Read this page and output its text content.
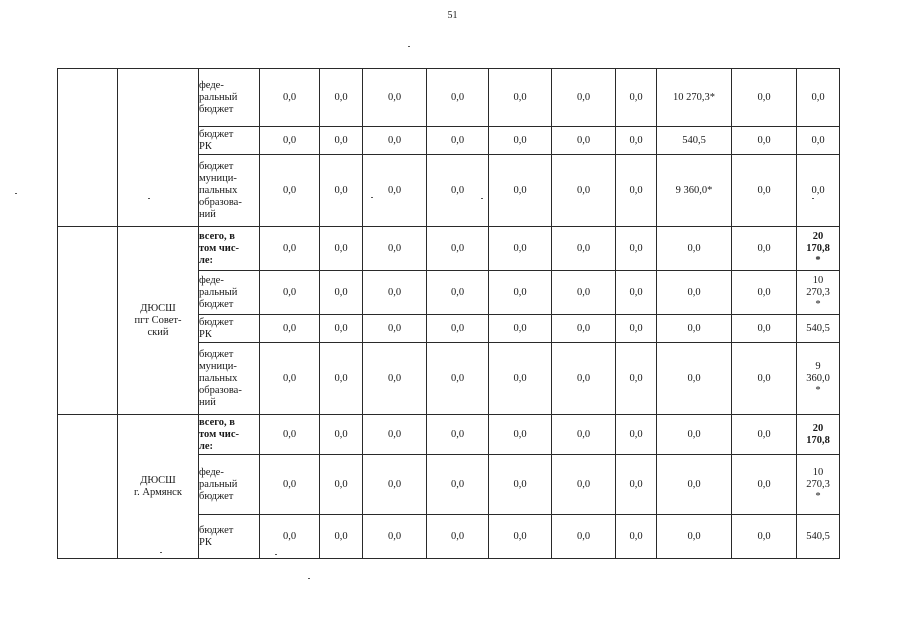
51
		феде-
ральный
бюджет	0,0	0,0	0,0	0,0	0,0	0,0	0,0	10 270,3*	0,0	0,0
		бюджет
РК	0,0	0,0	0,0	0,0	0,0	0,0	0,0	540,5	0,0	0,0
		бюджет
муници-
пальных
образова-
ний	0,0	0,0	0,0	0,0	0,0	0,0	0,0	9 360,0*	0,0	0,0
	ДЮСШ
пгт Совет-
ский	всего, в
том чис-
ле:	0,0	0,0	0,0	0,0	0,0	0,0	0,0	0,0	0,0	20
170,8
*
		феде-
ральный
бюджет	0,0	0,0	0,0	0,0	0,0	0,0	0,0	0,0	0,0	10
270,3
*
		бюджет
РК	0,0	0,0	0,0	0,0	0,0	0,0	0,0	0,0	0,0	540,5
		бюджет
муници-
пальных
образова-
ний	0,0	0,0	0,0	0,0	0,0	0,0	0,0	0,0	0,0	9
360,0
*
	ДЮСШ
г. Армянск	всего, в
том чис-
ле:	0,0	0,0	0,0	0,0	0,0	0,0	0,0	0,0	0,0	20
170,8
		феде-
ральный
бюджет	0,0	0,0	0,0	0,0	0,0	0,0	0,0	0,0	0,0	10
270,3
*
		бюджет
РК	0,0	0,0	0,0	0,0	0,0	0,0	0,0	0,0	0,0	540,5
